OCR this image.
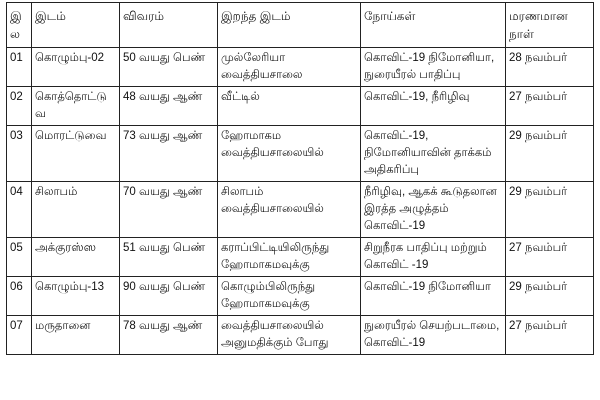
இல	இடம்	விவரம்	இறந்த இடம்	நோய்கள்	மரணமான நாள்
01	கொழும்பு-02	50 வயது பெண்	முல்லேரியா வைத்தியசாலை	கொவிட்-19 நிமோனியா, நுரையீரல் பாதிப்பு	28 நவம்பர்
02	கொத்தொட்டுவ	48 வயது ஆண்	வீட்டில்	கொவிட்-19, நீரிழிவு	27 நவம்பர்
03	மொரட்டுவை	73 வயது ஆண்	ஹோமாகம வைத்தியசாலையில்	கொவிட்-19, நிமோனியாவின் தாக்கம் அதிகரிப்பு	29 நவம்பர்
04	சிலாபம்	70 வயது ஆண்	சிலாபம் வைத்தியசாலையில்	நீரிழிவு, ஆகக் கூடுதலான இரத்த அழுத்தம் கொவிட்-19	29 நவம்பர்
05	அக்குரஸ்ஸ	51 வயது பெண்	கராப்பிட்டியிலிருந்து ஹோமாகமவுக்கு	சிறுநீரக பாதிப்பு மற்றும் கொவிட் -19	27 நவம்பர்
06	கொழும்பு-13	90 வயது பெண்	கொழும்பிலிருந்து ஹோமாகமவுக்கு	கொவிட்-19 நிமோனியா	29 நவம்பர்
07	மருதானை	78 வயது ஆண்	வைத்தியசாலையில் அனுமதிக்கும் போது	நுரையீரல் செயற்படாமை, கொவிட்-19	27 நவம்பர்
